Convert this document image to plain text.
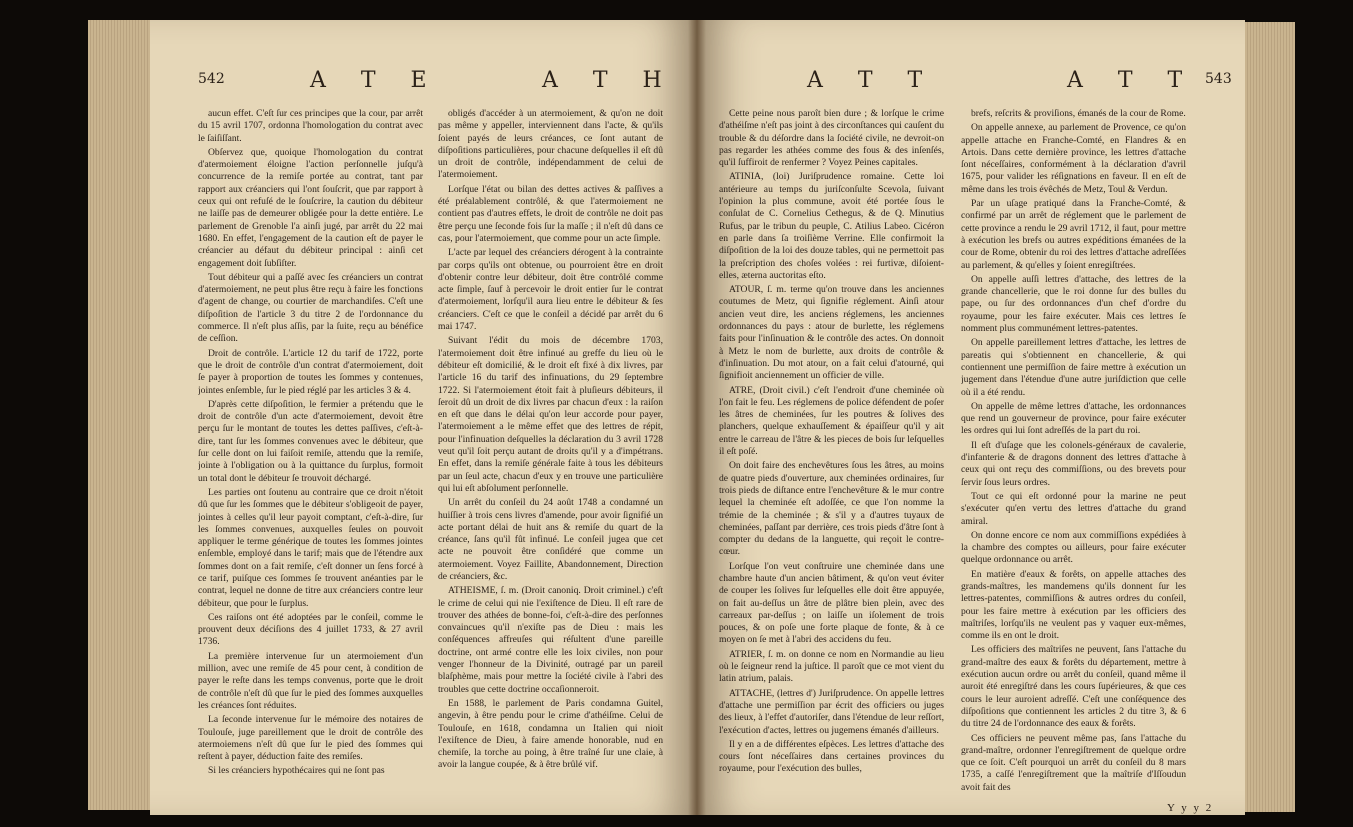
542	A T E	A T H

aucun effet. C'eſt ſur ces principes que la cour, par arrêt du 15 avril 1707, ordonna l'homologation du contrat avec le ſaiſiſſant.

Obſervez que, quoique l'homologation du contrat d'atermoiement éloigne l'action perſonnelle juſqu'à concurrence de la remiſe portée au contrat, tant par rapport aux créanciers qui l'ont ſouſcrit, que par rapport à ceux qui ont refuſé de le ſouſcrire, la caution du débiteur ne laiſſe pas de demeurer obligée pour la dette entière. Le parlement de Grenoble l'a ainſi jugé, par arrêt du 22 mai 1680. En effet, l'engagement de la caution eſt de payer le créancier au défaut du débiteur principal : ainſi cet engagement doit ſubſiſter.

Tout débiteur qui a paſſé avec ſes créanciers un contrat d'atermoiement, ne peut plus être reçu à faire les fonctions d'agent de change, ou courtier de marchandiſes. C'eſt une diſpoſition de l'article 3 du titre 2 de l'ordonnance du commerce. Il n'eſt plus aſſis, par la ſuite, reçu au bénéfice de ceſſion.

Droit de contrôle. L'article 12 du tarif de 1722, porte que le droit de contrôle d'un contrat d'atermoiement, doit ſe payer à proportion de toutes les ſommes y contenues, jointes enſemble, ſur le pied réglé par les articles 3 & 4.

D'après cette diſpoſition, le fermier a prétendu que le droit de contrôle d'un acte d'atermoiement, devoit être perçu ſur le montant de toutes les dettes paſſives, c'eſt-à-dire, tant ſur les ſommes convenues avec le débiteur, que ſur celle dont on lui faiſoit remiſe, attendu que la remiſe, jointe à l'obligation ou à la quittance du ſurplus, formoit un total dont le débiteur ſe trouvoit déchargé.

Les parties ont ſoutenu au contraire que ce droit n'étoit dû que ſur les ſommes que le débiteur s'obligeoit de payer, jointes à celles qu'il leur payoit comptant, c'eſt-à-dire, ſur les ſommes convenues, auxquelles ſeules on pouvoit appliquer le terme générique de toutes les ſommes jointes enſemble, employé dans le tarif; mais que de l'étendre aux ſommes dont on a fait remiſe, c'eſt donner un ſens forcé à ce tarif, puiſque ces ſommes ſe trouvent anéanties par le contrat, lequel ne donne de titre aux créanciers contre leur débiteur, que pour le ſurplus.

Ces raiſons ont été adoptées par le conſeil, comme le prouvent deux déciſions des 4 juillet 1733, & 27 avril 1736.

La première intervenue ſur un atermoiement d'un million, avec une remiſe de 45 pour cent, à condition de payer le reſte dans les temps convenus, porte que le droit de contrôle n'eſt dû que ſur le pied des ſommes auxquelles les créances ſont réduites.

La ſeconde intervenue ſur le mémoire des notaires de Toulouſe, juge pareillement que le droit de contrôle des atermoiemens n'eſt dû que ſur le pied des ſommes qui reſtent à payer, déduction faite des remiſes.

Si les créanciers hypothécaires qui ne ſont pas

obligés d'accéder à un atermoiement, & qu'on ne doit pas même y appeller, interviennent dans l'acte, & qu'ils ſoient payés de leurs créances, ce ſont autant de diſpoſitions particulières, pour chacune deſquelles il eſt dû un droit de contrôle, indépendamment de celui de l'atermoiement.

Lorſque l'état ou bilan des dettes actives & paſſives a été préalablement contrôlé, & que l'atermoiement ne contient pas d'autres effets, le droit de contrôle ne doit pas être perçu une ſeconde fois ſur la maſſe ; il n'eſt dû dans ce cas, pour l'atermoiement, que comme pour un acte ſimple.

L'acte par lequel des créanciers dérogent à la contrainte par corps qu'ils ont obtenue, ou pourroient être en droit d'obtenir contre leur débiteur, doit être contrôlé comme acte ſimple, ſauf à percevoir le droit entier ſur le contrat d'atermoiement, lorſqu'il aura lieu entre le débiteur & ſes créanciers. C'eſt ce que le conſeil a décidé par arrêt du 6 mai 1747.

Suivant l'édit du mois de décembre 1703, l'atermoiement doit être infinué au greffe du lieu où le débiteur eſt domicilié, & le droit eſt fixé à dix livres, par l'article 16 du tarif des infinuations, du 29 ſeptembre 1722. Si l'atermoiement étoit fait à pluſieurs débiteurs, il ſeroit dû un droit de dix livres par chacun d'eux : la raiſon en eſt que dans le délai qu'on leur accorde pour payer, l'atermoiement a le même effet que des lettres de répit, pour l'infinuation deſquelles la déclaration du 3 avril 1728 veut qu'il ſoit perçu autant de droits qu'il y a d'impétrans. En effet, dans la remiſe générale faite à tous les débiteurs par un ſeul acte, chacun d'eux y en trouve une particulière qui lui eſt abſolument perſonnelle.

Un arrêt du conſeil du 24 août 1748 a condamné un huiſſier à trois cens livres d'amende, pour avoir ſignifié un acte portant délai de huit ans & remiſe du quart de la créance, ſans qu'il fût infinué. Le conſeil jugea que cet acte ne pouvoit être conſidéré que comme un atermoiement. Voyez Faillite, Abandonnement, Direction de créanciers, &c.

ATHEISME, ſ. m. (Droit canoniq. Droit criminel.) c'eſt le crime de celui qui nie l'exiſtence de Dieu. Il eſt rare de trouver des athées de bonne-foi, c'eſt-à-dire des perſonnes convaincues qu'il n'exiſte pas de Dieu : mais les conſéquences affreuſes qui réſultent d'une pareille doctrine, ont armé contre elle les loix civiles, non pour venger l'honneur de la Divinité, outragé par un pareil blaſphème, mais pour mettre la ſociété civile à l'abri des troubles que cette doctrine occaſionneroit.

En 1588, le parlement de Paris condamna Guitel, angevin, à être pendu pour le crime d'athéiſme. Celui de Toulouſe, en 1618, condamna un Italien qui nioit l'exiſtence de Dieu, à faire amende honorable, nud en chemiſe, la torche au poing, à être traîné ſur une claie, à avoir la langue coupée, & à être brûlé vif.

A T T	A T T 543

Cette peine nous paroît bien dure ; & lorſque le crime d'athéiſme n'eſt pas joint à des circonſtances qui cauſent du trouble & du déſordre dans la ſociété civile, ne devroit-on pas regarder les athées comme des fous & des inſenſés, qu'il ſuffiroit de renfermer ? Voyez Peines capitales.

ATINIA, (loi) Juriſprudence romaine. Cette loi antérieure au temps du juriſconſulte Scevola, ſuivant l'opinion la plus commune, avoit été portée ſous le conſulat de C. Cornelius Cethegus, & de Q. Minutius Rufus, par le tribun du peuple, C. Atilius Labeo. Cicéron en parle dans ſa troiſième Verrine. Elle confirmoit la diſpoſition de la loi des douze tables, qui ne permettoit pas la preſcription des choſes volées : rei furtivæ, diſoient-elles, æterna auctoritas eſto.

ATOUR, ſ. m. terme qu'on trouve dans les anciennes coutumes de Metz, qui ſignifie réglement. Ainſi atour ancien veut dire, les anciens réglemens, les anciennes ordonnances du pays : atour de burlette, les réglemens faits pour l'inſinuation & le contrôle des actes. On donnoit à Metz le nom de burlette, aux droits de contrôle & d'inſinuation. Du mot atour, on a fait celui d'atourné, qui ſignifioit anciennement un officier de ville.

ATRE, (Droit civil.) c'eſt l'endroit d'une cheminée où l'on fait le feu. Les réglemens de police défendent de poſer les âtres de cheminées, ſur les poutres & ſolives des planchers, quelque exhauſſement & épaiſſeur qu'il y ait entre le carreau de l'âtre & les pieces de bois ſur leſquelles il eſt poſé.

On doit faire des enchevêtures ſous les âtres, au moins de quatre pieds d'ouverture, aux cheminées ordinaires, ſur trois pieds de diſtance entre l'enchevêture & le mur contre lequel la cheminée eſt adoſſée, ce que l'on nomme la trémie de la cheminée ; & s'il y a d'autres tuyaux de cheminées, paſſant par derrière, ces trois pieds d'âtre ſont à compter du dedans de la languette, qui reçoit le contre-cœur.

Lorſque l'on veut conſtruire une cheminée dans une chambre haute d'un ancien bâtiment, & qu'on veut éviter de couper les ſolives ſur leſquelles elle doit être appuyée, on fait au-deſſus un âtre de plâtre bien plein, avec des carreaux par-deſſus ; on laiſſe un iſolement de trois pouces, & on poſe une forte plaque de fonte, & à ce moyen on ſe met à l'abri des accidens du feu.

ATRIER, ſ. m. on donne ce nom en Normandie au lieu où le ſeigneur rend la juſtice. Il paroît que ce mot vient du latin atrium, palais.

ATTACHE, (lettres d') Juriſprudence. On appelle lettres d'attache une permiſſion par écrit des officiers ou juges des lieux, à l'effet d'autoriſer, dans l'étendue de leur reſſort, l'exécution d'actes, lettres ou jugemens émanés d'ailleurs.

Il y en a de différentes eſpèces. Les lettres d'attache des cours ſont néceſſaires dans certaines provinces du royaume, pour l'exécution des bulles,

brefs, reſcrits & proviſions, émanés de la cour de Rome.

On appelle annexe, au parlement de Provence, ce qu'on appelle attache en Franche-Comté, en Flandres & en Artois. Dans cette dernière province, les lettres d'attache ſont néceſſaires, conformément à la déclaration d'avril 1675, pour valider les réſignations en faveur. Il en eſt de même dans les trois évêchés de Metz, Toul & Verdun.

Par un uſage pratiqué dans la Franche-Comté, & confirmé par un arrêt de réglement que le parlement de cette province a rendu le 29 avril 1712, il faut, pour mettre à exécution les brefs ou autres expéditions émanées de la cour de Rome, obtenir du roi des lettres d'attache adreſſées au parlement, & qu'elles y ſoient enregiſtrées.

On appelle auſſi lettres d'attache, des lettres de la grande chancellerie, que le roi donne ſur des bulles du pape, ou ſur des ordonnances d'un chef d'ordre du royaume, pour les faire exécuter. Mais ces lettres ſe nomment plus communément lettres-patentes.

On appelle pareillement lettres d'attache, les lettres de pareatis qui s'obtiennent en chancellerie, & qui contiennent une permiſſion de faire mettre à exécution un jugement dans l'étendue d'une autre juriſdiction que celle où il a été rendu.

On appelle de même lettres d'attache, les ordonnances que rend un gouverneur de province, pour faire exécuter les ordres qui lui ſont adreſſés de la part du roi.

Il eſt d'uſage que les colonels-généraux de cavalerie, d'infanterie & de dragons donnent des lettres d'attache à ceux qui ont reçu des commiſſions, ou des brevets pour ſervir ſous leurs ordres.

Tout ce qui eſt ordonné pour la marine ne peut s'exécuter qu'en vertu des lettres d'attache du grand amiral.

On donne encore ce nom aux commiſſions expédiées à la chambre des comptes ou ailleurs, pour faire exécuter quelque ordonnance ou arrêt.

En matière d'eaux & forêts, on appelle attaches des grands-maîtres, les mandemens qu'ils donnent ſur les lettres-patentes, commiſſions & autres ordres du conſeil, pour les faire mettre à exécution par les officiers des maîtriſes, lorſqu'ils ne veulent pas y vaquer eux-mêmes, comme ils en ont le droit.

Les officiers des maîtriſes ne peuvent, ſans l'attache du grand-maître des eaux & forêts du département, mettre à exécution aucun ordre ou arrêt du conſeil, quand même il auroit été enregiſtré dans les cours ſupérieures, & que ces cours le leur auroient adreſſé. C'eſt une conſéquence des diſpoſitions que contiennent les articles 2 du titre 3, & 6 du titre 24 de l'ordonnance des eaux & forêts.

Ces officiers ne peuvent même pas, ſans l'attache du grand-maître, ordonner l'enregiſtrement de quelque ordre que ce ſoit. C'eſt pourquoi un arrêt du conſeil du 8 mars 1735, a caſſé l'enregiſtrement que la maîtriſe d'Iſſoudun avoit fait des

Y y y 2
